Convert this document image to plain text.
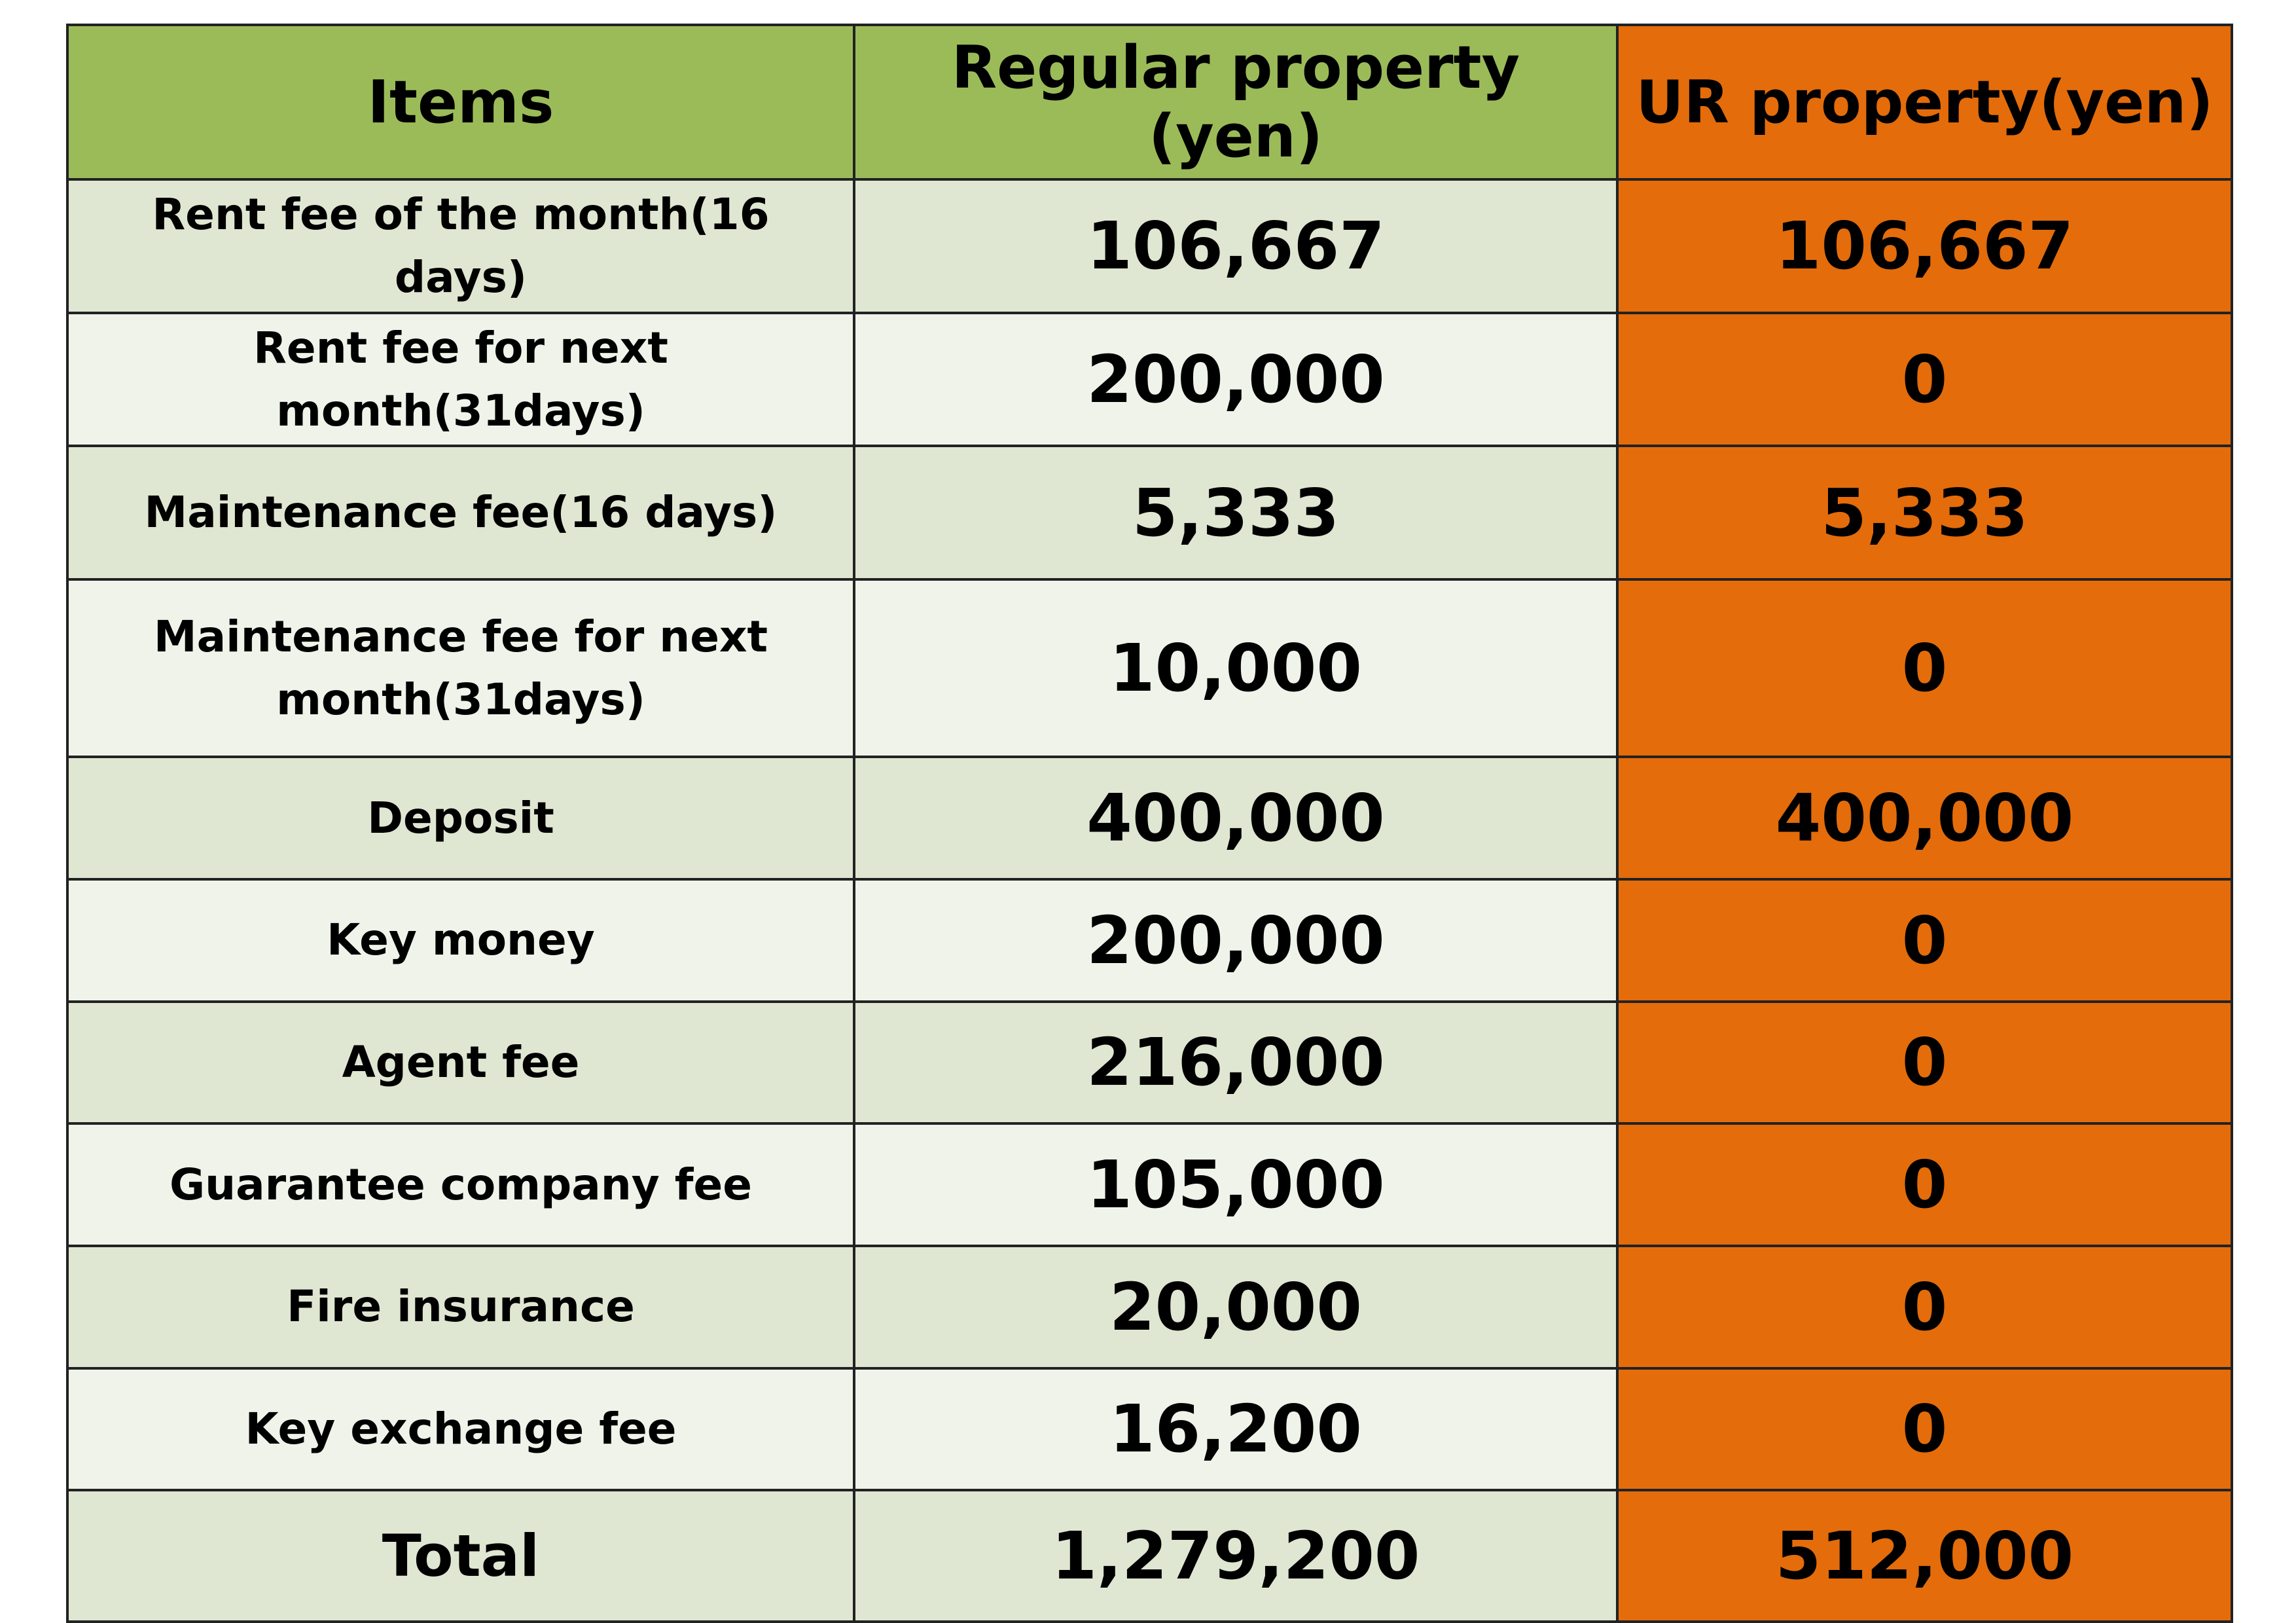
Items	Regular property (yen)	UR property(yen)
Rent fee of the month(16 days)	106,667	106,667
Rent fee for next month(31days)	200,000	0
Maintenance fee(16 days)	5,333	5,333
Maintenance fee for next month(31days)	10,000	0
Deposit	400,000	400,000
Key money	200,000	0
Agent fee	216,000	0
Guarantee company fee	105,000	0
Fire insurance	20,000	0
Key exchange fee	16,200	0
Total	1,279,200	512,000
